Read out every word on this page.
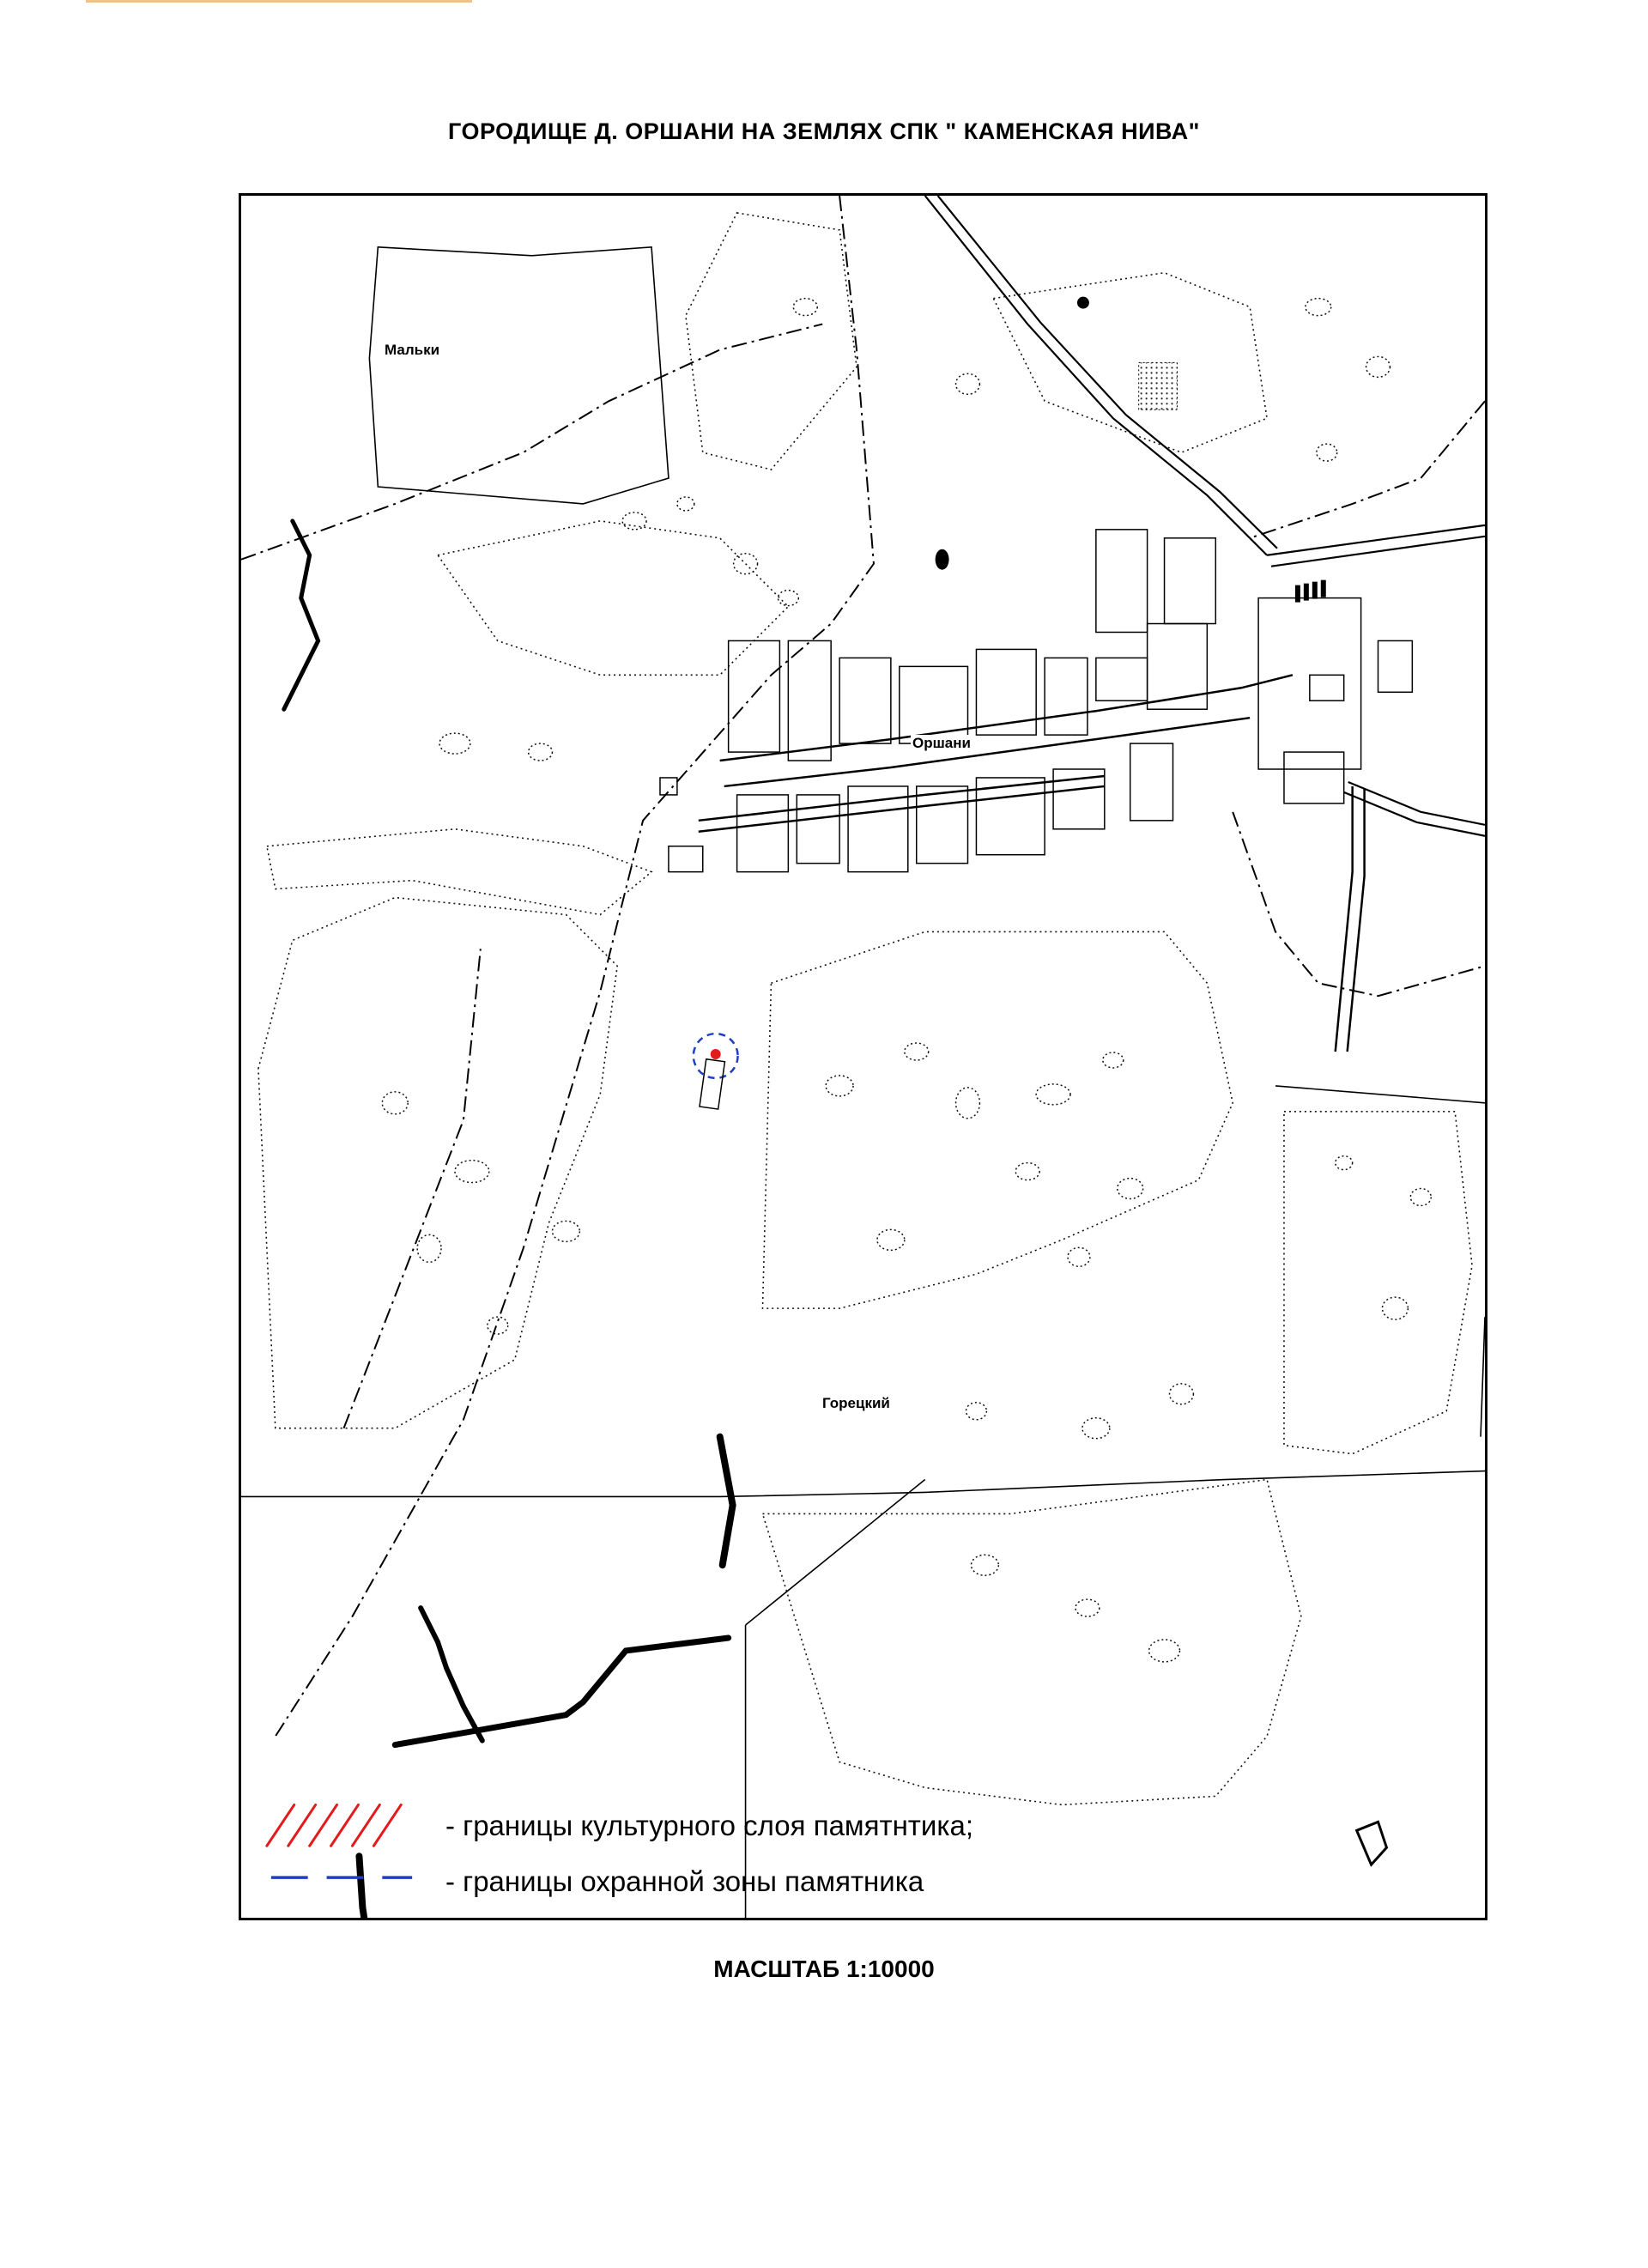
ГОРОДИЩЕ Д. ОРШАНИ НА ЗЕМЛЯХ СПК " КАМЕНСКАЯ НИВА"
Мальки
Оршани
Горецкий
- границы культурного слоя памятнтика;
- границы охранной зоны памятника
МАСШТАБ 1:10000
